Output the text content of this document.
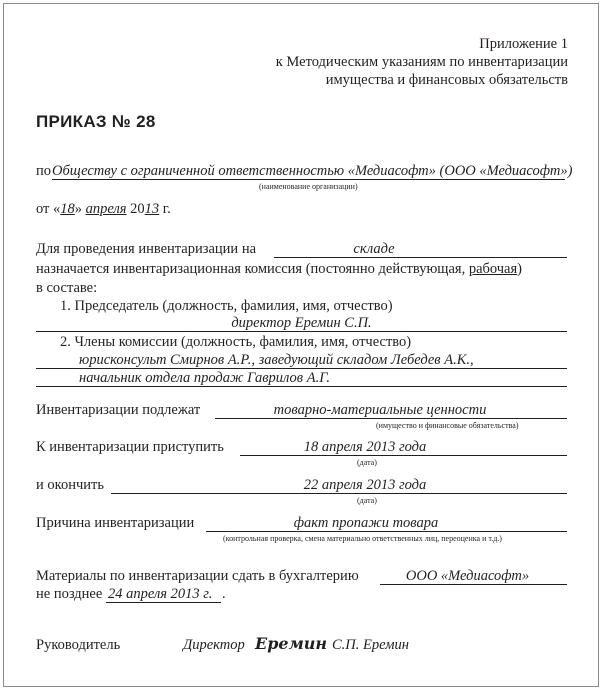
Приложение 1
к Методическим указаниям по инвентаризации
имущества и финансовых обязательств
ПРИКАЗ № 28
по Обществу с ограниченной ответственностью «Медиасофт» (ООО «Медиасофт»)
(наименование организации)
от «18» апреля 2013 г.
Для проведения инвентаризации на	складе
назначается инвентаризационная комиссия (постоянно действующая, рабочая)
в составе:
1. Председатель (должность, фамилия, имя, отчество)
директор Еремин С.П.
2. Члены комиссии (должность, фамилия, имя, отчество)
юрисконсульт Смирнов А.Р., заведующий складом Лебедев А.К.,
начальник отдела продаж Гаврилов А.Г.
Инвентаризации подлежат	товарно-материальные ценности
(имущество и финансовые обязательства)
К инвентаризации приступить	18 апреля 2013 года
(дата)
и окончить	22 апреля 2013 года
(дата)
Причина инвентаризации	факт пропажи товара
(контрольная проверка, смена материально ответственных лиц, переоценка и т.д.)
Материалы по инвентаризации сдать в бухгалтерию	ООО «Медиасофт»
не позднее 24 апреля 2013 г. .
Руководитель	Директор Еремин С.П. Еремин
